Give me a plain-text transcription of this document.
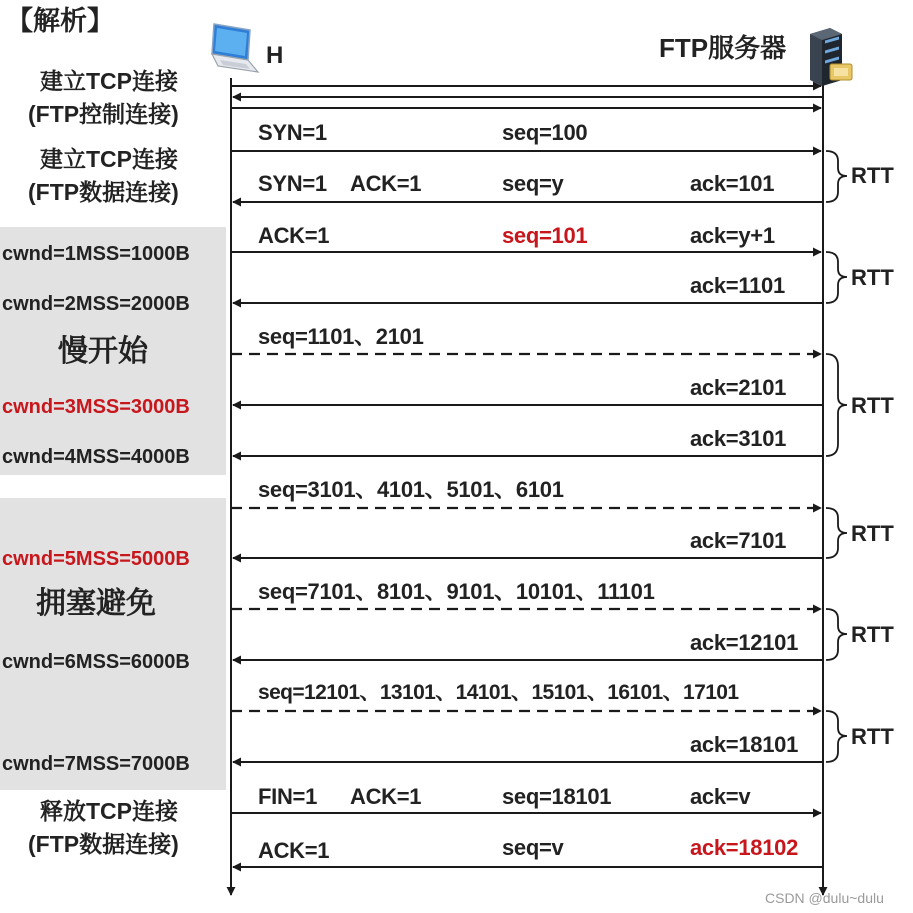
【解析】
H	FTP服务器
建立TCP连接
(FTP控制连接)
建立TCP连接
(FTP数据连接)
cwnd=1MSS=1000B
cwnd=2MSS=2000B
慢开始
cwnd=3MSS=3000B
cwnd=4MSS=4000B
cwnd=5MSS=5000B
拥塞避免
cwnd=6MSS=6000B
cwnd=7MSS=7000B
释放TCP连接
(FTP数据连接)
SYN=1	seq=100
SYN=1 ACK=1	seq=y	ack=101
ACK=1	seq=101	ack=y+1
ack=1101
seq=1101、2101
ack=2101
ack=3101
seq=3101、4101、5101、6101
ack=7101
seq=7101、8101、9101、10101、11101
ack=12101
seq=12101、13101、14101、15101、16101、17101
ack=18101
FIN=1 ACK=1	seq=18101	ack=v
ACK=1	seq=v	ack=18102
RTT
RTT
RTT
RTT
RTT
RTT
CSDN @dulu~dulu
